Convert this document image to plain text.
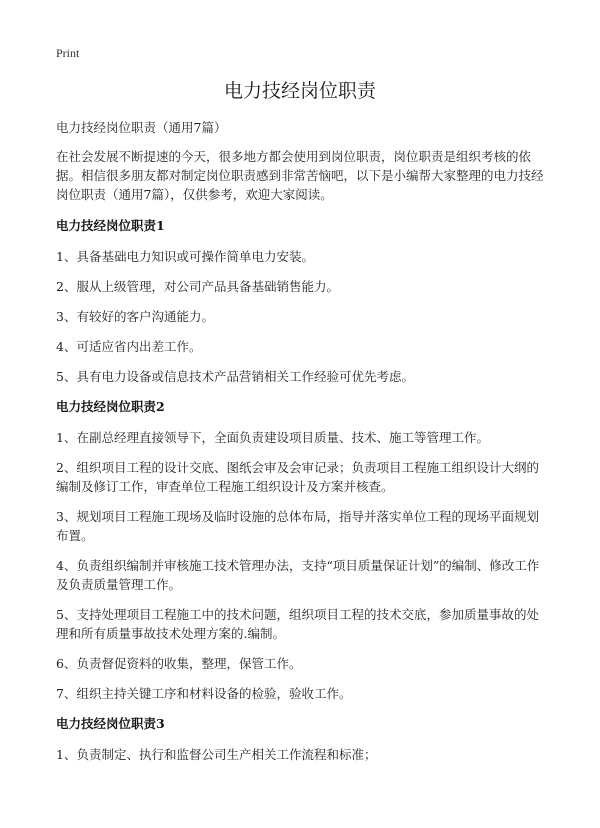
Print
电力技经岗位职责

电力技经岗位职责（通用7篇）

在社会发展不断提速的今天，很多地方都会使用到岗位职责，岗位职责是组织考核的依据。相信很多朋友都对制定岗位职责感到非常苦恼吧，以下是小编帮大家整理的电力技经岗位职责（通用7篇），仅供参考，欢迎大家阅读。

电力技经岗位职责1

1、具备基础电力知识或可操作简单电力安装。

2、服从上级管理，对公司产品具备基础销售能力。

3、有较好的客户沟通能力。

4、可适应省内出差工作。

5、具有电力设备或信息技术产品营销相关工作经验可优先考虑。

电力技经岗位职责2

1、在副总经理直接领导下，全面负责建设项目质量、技术、施工等管理工作。

2、组织项目工程的设计交底、图纸会审及会审记录；负责项目工程施工组织设计大纲的编制及修订工作，审查单位工程施工组织设计及方案并核查。

3、规划项目工程施工现场及临时设施的总体布局，指导并落实单位工程的现场平面规划布置。

4、负责组织编制并审核施工技术管理办法，支持“项目质量保证计划”的编制、修改工作及负责质量管理工作。

5、支持处理项目工程施工中的技术问题，组织项目工程的技术交底，参加质量事故的处理和所有质量事故技术处理方案的.编制。

6、负责督促资料的收集，整理，保管工作。

7、组织主持关键工序和材料设备的检验，验收工作。

电力技经岗位职责3

1、负责制定、执行和监督公司生产相关工作流程和标准；
